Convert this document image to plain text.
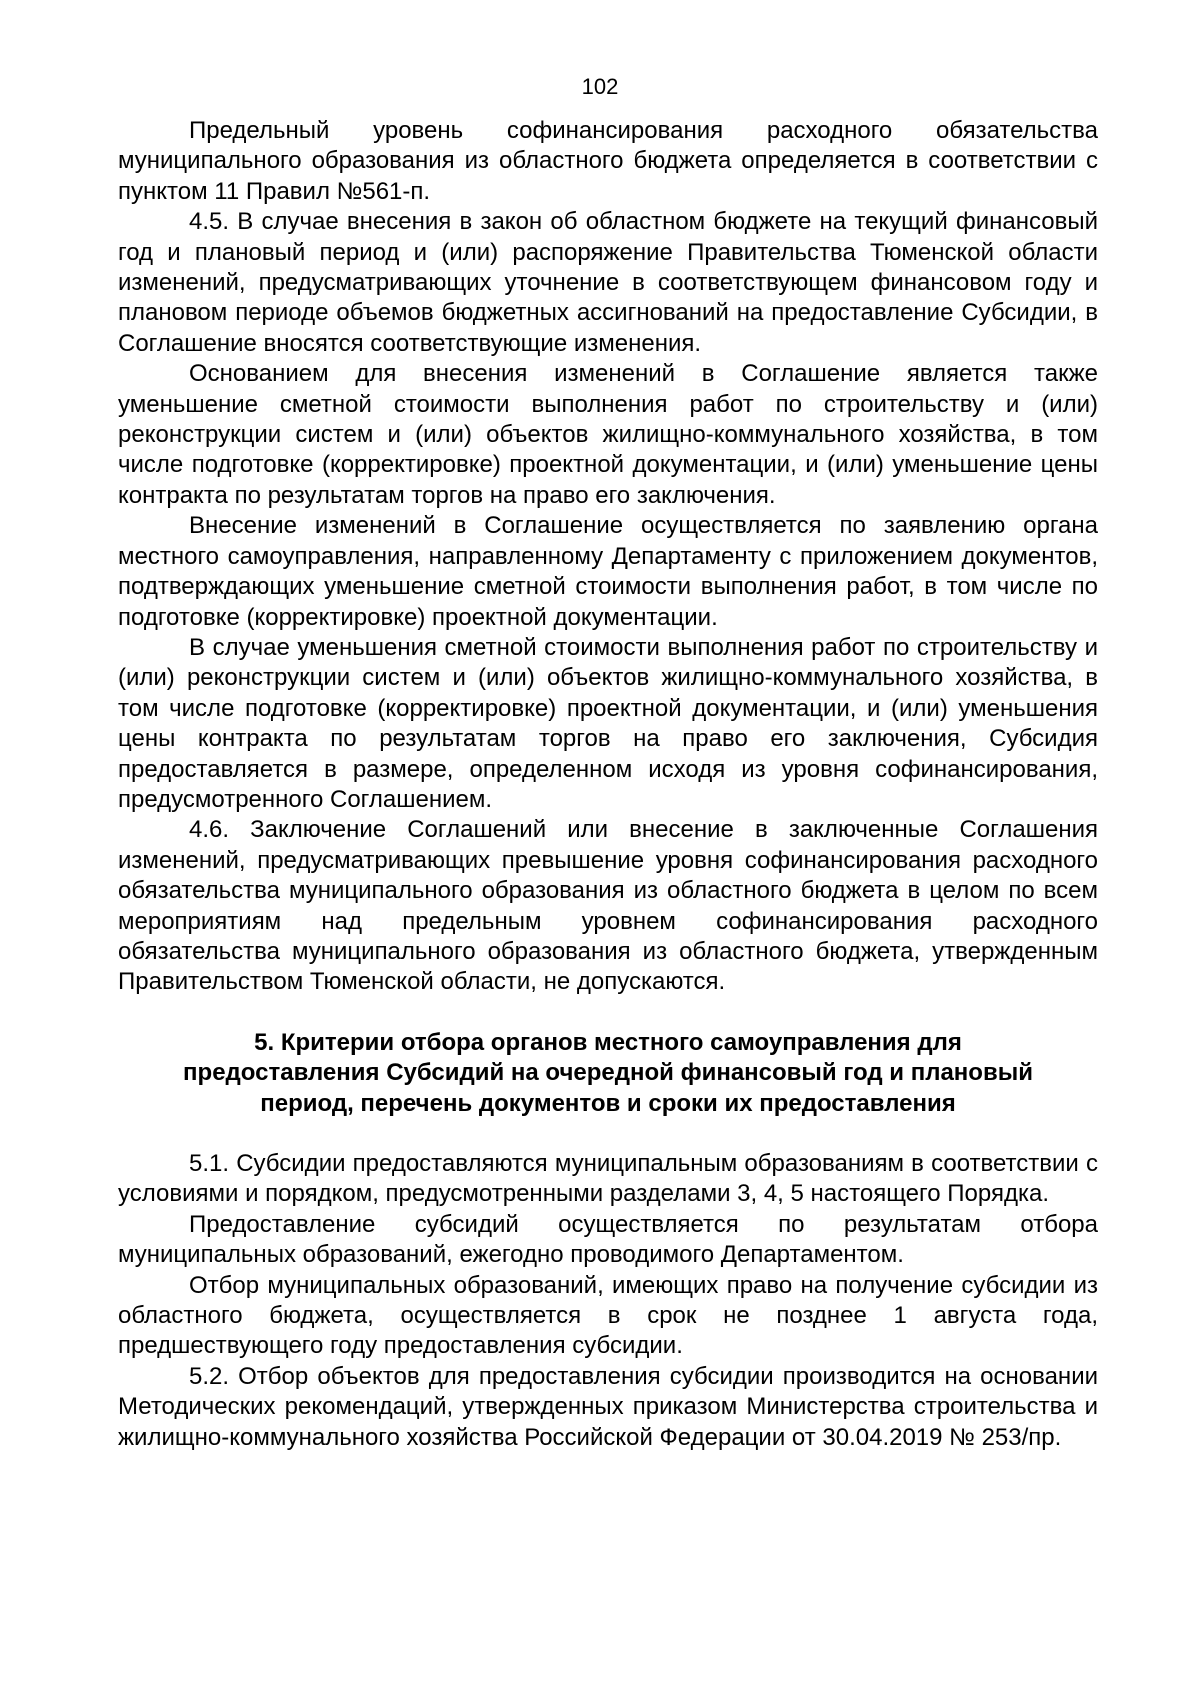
102

Предельный уровень софинансирования расходного обязательства муниципального образования из областного бюджета определяется в соответствии с пунктом 11 Правил №561-п.

4.5. В случае внесения в закон об областном бюджете на текущий финансовый год и плановый период и (или) распоряжение Правительства Тюменской области изменений, предусматривающих уточнение в соответствующем финансовом году и плановом периоде объемов бюджетных ассигнований на предоставление Субсидии, в Соглашение вносятся соответствующие изменения.

Основанием для внесения изменений в Соглашение является также уменьшение сметной стоимости выполнения работ по строительству и (или) реконструкции систем и (или) объектов жилищно-коммунального хозяйства, в том числе подготовке (корректировке) проектной документации, и (или) уменьшение цены контракта по результатам торгов на право его заключения.

Внесение изменений в Соглашение осуществляется по заявлению органа местного самоуправления, направленному Департаменту с приложением документов, подтверждающих уменьшение сметной стоимости выполнения работ, в том числе по подготовке (корректировке) проектной документации.

В случае уменьшения сметной стоимости выполнения работ по строительству и (или) реконструкции систем и (или) объектов жилищно-коммунального хозяйства, в том числе подготовке (корректировке) проектной документации, и (или) уменьшения цены контракта по результатам торгов на право его заключения, Субсидия предоставляется в размере, определенном исходя из уровня софинансирования, предусмотренного Соглашением.

4.6. Заключение Соглашений или внесение в заключенные Соглашения изменений, предусматривающих превышение уровня софинансирования расходного обязательства муниципального образования из областного бюджета в целом по всем мероприятиям над предельным уровнем софинансирования расходного обязательства муниципального образования из областного бюджета, утвержденным Правительством Тюменской области, не допускаются.

5. Критерии отбора органов местного самоуправления для
предоставления Субсидий на очередной финансовый год и плановый
период, перечень документов и сроки их предоставления

5.1. Субсидии предоставляются муниципальным образованиям в соответствии с условиями и порядком, предусмотренными разделами 3, 4, 5 настоящего Порядка.

Предоставление субсидий осуществляется по результатам отбора муниципальных образований, ежегодно проводимого Департаментом.

Отбор муниципальных образований, имеющих право на получение субсидии из областного бюджета, осуществляется в срок не позднее 1 августа года, предшествующего году предоставления субсидии.

5.2. Отбор объектов для предоставления субсидии производится на основании Методических рекомендаций, утвержденных приказом Министерства строительства и жилищно-коммунального хозяйства Российской Федерации от 30.04.2019 № 253/пр.
